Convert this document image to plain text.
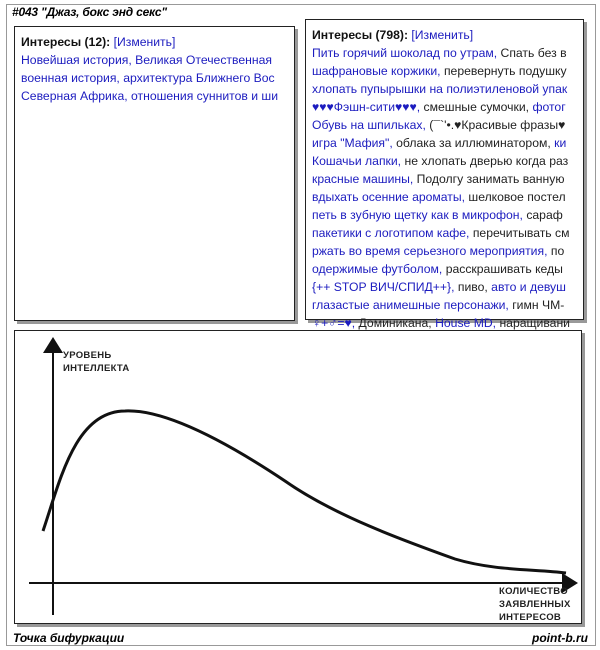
#043 "Джаз, бокс энд секс"
Интересы (12): [Изменить]
Новейшая история, Великая Отечественная
военная история, архитектура Ближнего Вос
Северная Африка, отношения суннитов и ши
Интересы (798): [Изменить]
Пить горячий шоколад по утрам, Спать без в
шафрановые коржики, перевернуть подушку
хлопать пупырышки на полиэтиленовой упак
♥♥♥Фэшн-сити♥♥♥, смешные сумочки, фотог
Обувь на шпильках, (¯`'•.♥Красивые фразы♥
игра "Мафия", облака за иллюминатором, ки
Кошачьи лапки, не хлопать дверью когда раз
красные машины, Подолгу занимать ванную
вдыхать осенние ароматы, шелковое постел
петь в зубную щетку как в микрофон, сараф
пакетики с логотипом кафе, перечитывать см
ржать во время серьезного мероприятия, по
одержимые футболом, расскрашивать кеды
{++ STOP ВИЧ/СПИД++}, пиво, авто и девуш
глазастые анимешные персонажи, гимн ЧМ-
♀+♂=♥, Доминикана, House MD, наращивани
УРОВЕНЬ
ИНТЕЛЛЕКТА
КОЛИЧЕСТВО
ЗАЯВЛЕННЫХ
ИНТЕРЕСОВ
Точка бифуркации	point-b.ru
